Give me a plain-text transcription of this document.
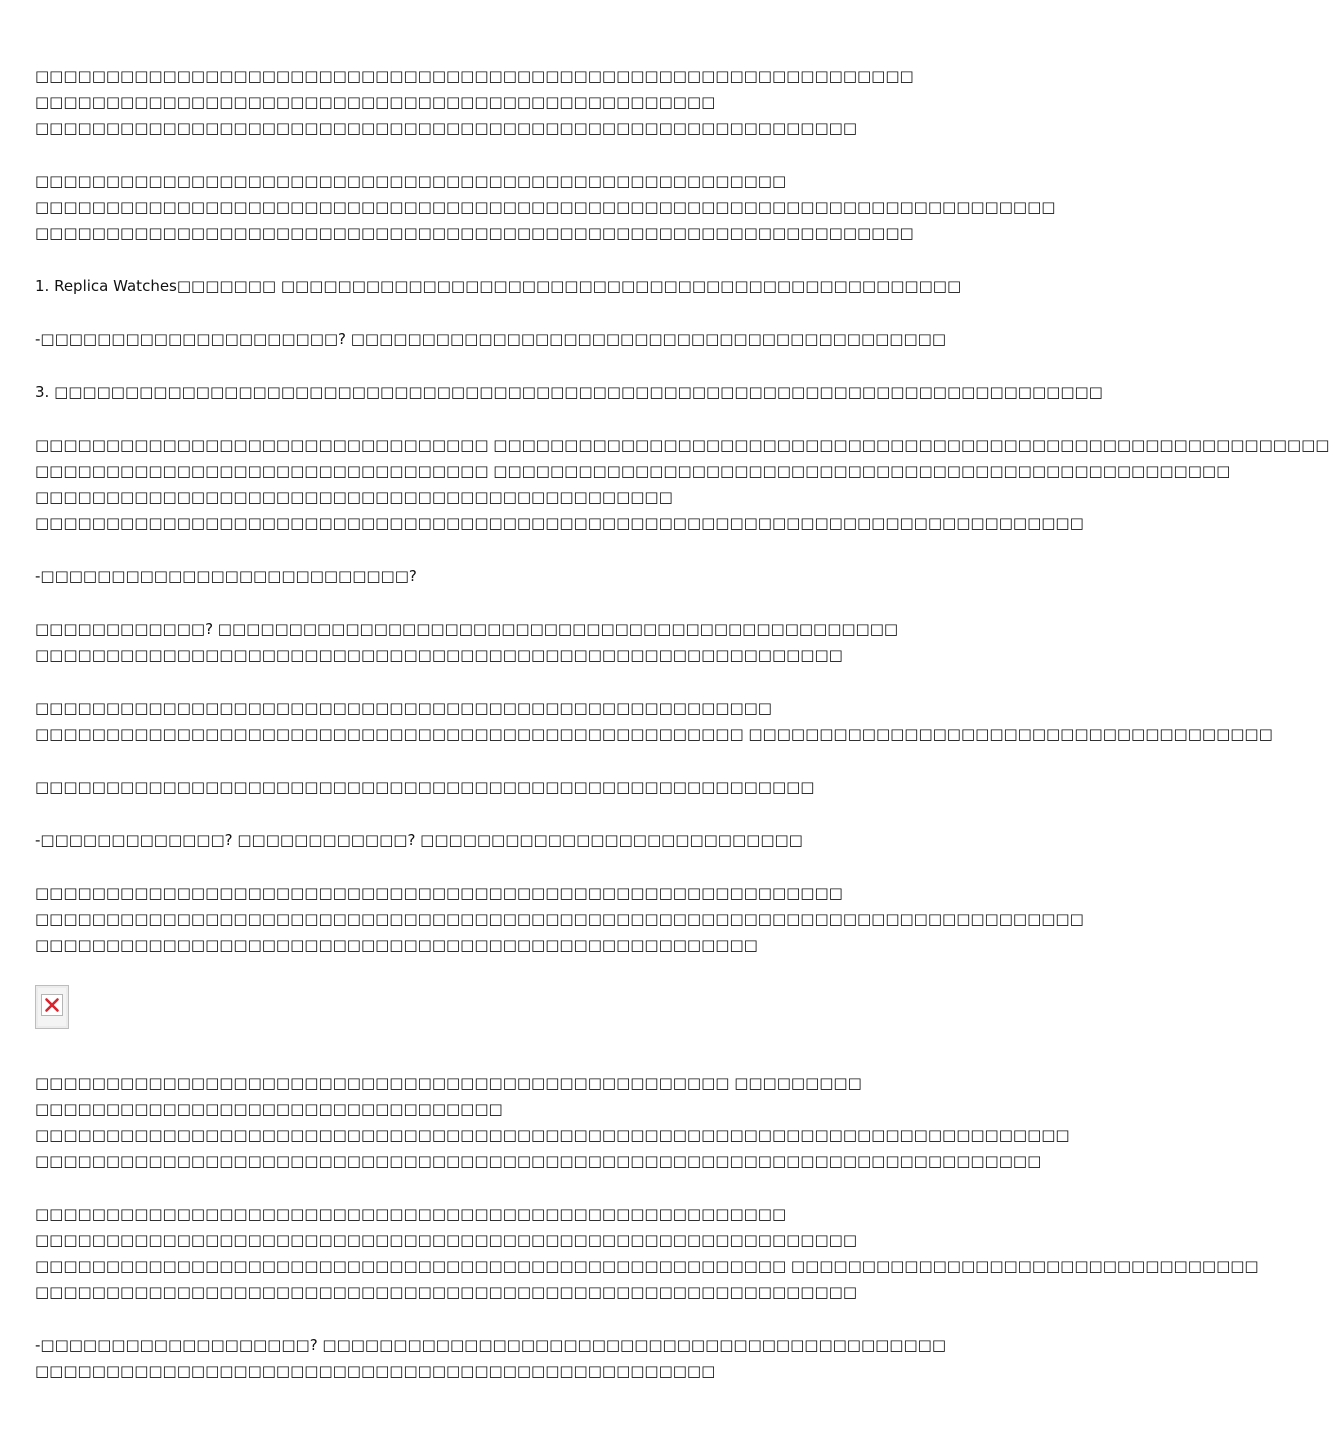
□□□□□□□□□□□□□□□□□□□□□□□□□□□□□□□□□□□□□□□□□□□□□□□□□□□□□□□□□□□□□□
□□□□□□□□□□□□□□□□□□□□□□□□□□□□□□□□□□□□□□□□□□□□□□□□
□□□□□□□□□□□□□□□□□□□□□□□□□□□□□□□□□□□□□□□□□□□□□□□□□□□□□□□□□□
□□□□□□□□□□□□□□□□□□□□□□□□□□□□□□□□□□□□□□□□□□□□□□□□□□□□□
□□□□□□□□□□□□□□□□□□□□□□□□□□□□□□□□□□□□□□□□□□□□□□□□□□□□□□□□□□□□□□□□□□□□□□□□
□□□□□□□□□□□□□□□□□□□□□□□□□□□□□□□□□□□□□□□□□□□□□□□□□□□□□□□□□□□□□□
1. Replica Watches□□□□□□□ □□□□□□□□□□□□□□□□□□□□□□□□□□□□□□□□□□□□□□□□□□□□□□□□
-□□□□□□□□□□□□□□□□□□□□□? □□□□□□□□□□□□□□□□□□□□□□□□□□□□□□□□□□□□□□□□□□
3. □□□□□□□□□□□□□□□□□□□□□□□□□□□□□□□□□□□□□□□□□□□□□□□□□□□□□□□□□□□□□□□□□□□□□□□□□□
□□□□□□□□□□□□□□□□□□□□□□□□□□□□□□□□ □□□□□□□□□□□□□□□□□□□□□□□□□□□□□□□□□□□□□□□□□□□□□□□□□□□□□□□□□□□
□□□□□□□□□□□□□□□□□□□□□□□□□□□□□□□□ □□□□□□□□□□□□□□□□□□□□□□□□□□□□□□□□□□□□□□□□□□□□□□□□□□□□
□□□□□□□□□□□□□□□□□□□□□□□□□□□□□□□□□□□□□□□□□□□□□
□□□□□□□□□□□□□□□□□□□□□□□□□□□□□□□□□□□□□□□□□□□□□□□□□□□□□□□□□□□□□□□□□□□□□□□□□□
-□□□□□□□□□□□□□□□□□□□□□□□□□□?
□□□□□□□□□□□□? □□□□□□□□□□□□□□□□□□□□□□□□□□□□□□□□□□□□□□□□□□□□□□□□
□□□□□□□□□□□□□□□□□□□□□□□□□□□□□□□□□□□□□□□□□□□□□□□□□□□□□□□□□
□□□□□□□□□□□□□□□□□□□□□□□□□□□□□□□□□□□□□□□□□□□□□□□□□□□□
□□□□□□□□□□□□□□□□□□□□□□□□□□□□□□□□□□□□□□□□□□□□□□□□□□ □□□□□□□□□□□□□□□□□□□□□□□□□□□□□□□□□□□□□
□□□□□□□□□□□□□□□□□□□□□□□□□□□□□□□□□□□□□□□□□□□□□□□□□□□□□□□
-□□□□□□□□□□□□□? □□□□□□□□□□□□? □□□□□□□□□□□□□□□□□□□□□□□□□□□
□□□□□□□□□□□□□□□□□□□□□□□□□□□□□□□□□□□□□□□□□□□□□□□□□□□□□□□□□
□□□□□□□□□□□□□□□□□□□□□□□□□□□□□□□□□□□□□□□□□□□□□□□□□□□□□□□□□□□□□□□□□□□□□□□□□□
□□□□□□□□□□□□□□□□□□□□□□□□□□□□□□□□□□□□□□□□□□□□□□□□□□□
□□□□□□□□□□□□□□□□□□□□□□□□□□□□□□□□□□□□□□□□□□□□□□□□□ □□□□□□□□□
□□□□□□□□□□□□□□□□□□□□□□□□□□□□□□□□□
□□□□□□□□□□□□□□□□□□□□□□□□□□□□□□□□□□□□□□□□□□□□□□□□□□□□□□□□□□□□□□□□□□□□□□□□□
□□□□□□□□□□□□□□□□□□□□□□□□□□□□□□□□□□□□□□□□□□□□□□□□□□□□□□□□□□□□□□□□□□□□□□□
□□□□□□□□□□□□□□□□□□□□□□□□□□□□□□□□□□□□□□□□□□□□□□□□□□□□□
□□□□□□□□□□□□□□□□□□□□□□□□□□□□□□□□□□□□□□□□□□□□□□□□□□□□□□□□□□
□□□□□□□□□□□□□□□□□□□□□□□□□□□□□□□□□□□□□□□□□□□□□□□□□□□□□ □□□□□□□□□□□□□□□□□□□□□□□□□□□□□□□□□
□□□□□□□□□□□□□□□□□□□□□□□□□□□□□□□□□□□□□□□□□□□□□□□□□□□□□□□□□□
-□□□□□□□□□□□□□□□□□□□? □□□□□□□□□□□□□□□□□□□□□□□□□□□□□□□□□□□□□□□□□□□□
□□□□□□□□□□□□□□□□□□□□□□□□□□□□□□□□□□□□□□□□□□□□□□□□
